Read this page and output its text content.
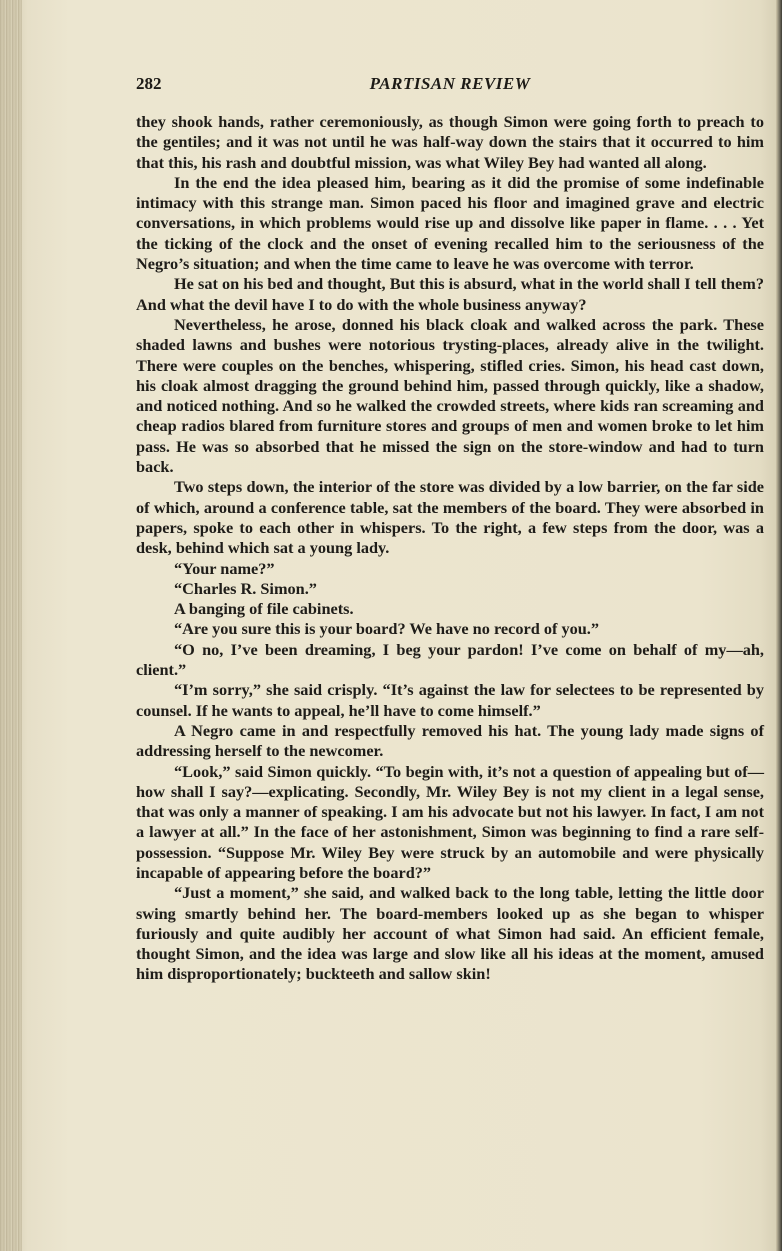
282	PARTISAN REVIEW

they shook hands, rather ceremoniously, as though Simon were going forth to preach to the gentiles; and it was not until he was half-way down the stairs that it occurred to him that this, his rash and doubtful mission, was what Wiley Bey had wanted all along.

In the end the idea pleased him, bearing as it did the promise of some indefinable intimacy with this strange man. Simon paced his floor and imagined grave and electric conversations, in which problems would rise up and dissolve like paper in flame. . . . Yet the ticking of the clock and the onset of evening recalled him to the seriousness of the Negro’s situation; and when the time came to leave he was overcome with terror.

He sat on his bed and thought, But this is absurd, what in the world shall I tell them? And what the devil have I to do with the whole business anyway?

Nevertheless, he arose, donned his black cloak and walked across the park. These shaded lawns and bushes were notorious trysting-places, already alive in the twilight. There were couples on the benches, whispering, stifled cries. Simon, his head cast down, his cloak almost dragging the ground behind him, passed through quickly, like a shadow, and noticed nothing. And so he walked the crowded streets, where kids ran screaming and cheap radios blared from furniture stores and groups of men and women broke to let him pass. He was so absorbed that he missed the sign on the store-window and had to turn back.

Two steps down, the interior of the store was divided by a low barrier, on the far side of which, around a conference table, sat the members of the board. They were absorbed in papers, spoke to each other in whispers. To the right, a few steps from the door, was a desk, behind which sat a young lady.

“Your name?”

“Charles R. Simon.”

A banging of file cabinets.

“Are you sure this is your board? We have no record of you.”

“O no, I’ve been dreaming, I beg your pardon! I’ve come on behalf of my—ah, client.”

“I’m sorry,” she said crisply. “It’s against the law for selectees to be represented by counsel. If he wants to appeal, he’ll have to come himself.”

A Negro came in and respectfully removed his hat. The young lady made signs of addressing herself to the newcomer.

“Look,” said Simon quickly. “To begin with, it’s not a question of appealing but of—how shall I say?—explicating. Secondly, Mr. Wiley Bey is not my client in a legal sense, that was only a manner of speaking. I am his advocate but not his lawyer. In fact, I am not a lawyer at all.” In the face of her astonishment, Simon was beginning to find a rare self-possession. “Suppose Mr. Wiley Bey were struck by an automobile and were physically incapable of appearing before the board?”

“Just a moment,” she said, and walked back to the long table, letting the little door swing smartly behind her. The board-members looked up as she began to whisper furiously and quite audibly her account of what Simon had said. An efficient female, thought Simon, and the idea was large and slow like all his ideas at the moment, amused him disproportionately; buckteeth and sallow skin!
